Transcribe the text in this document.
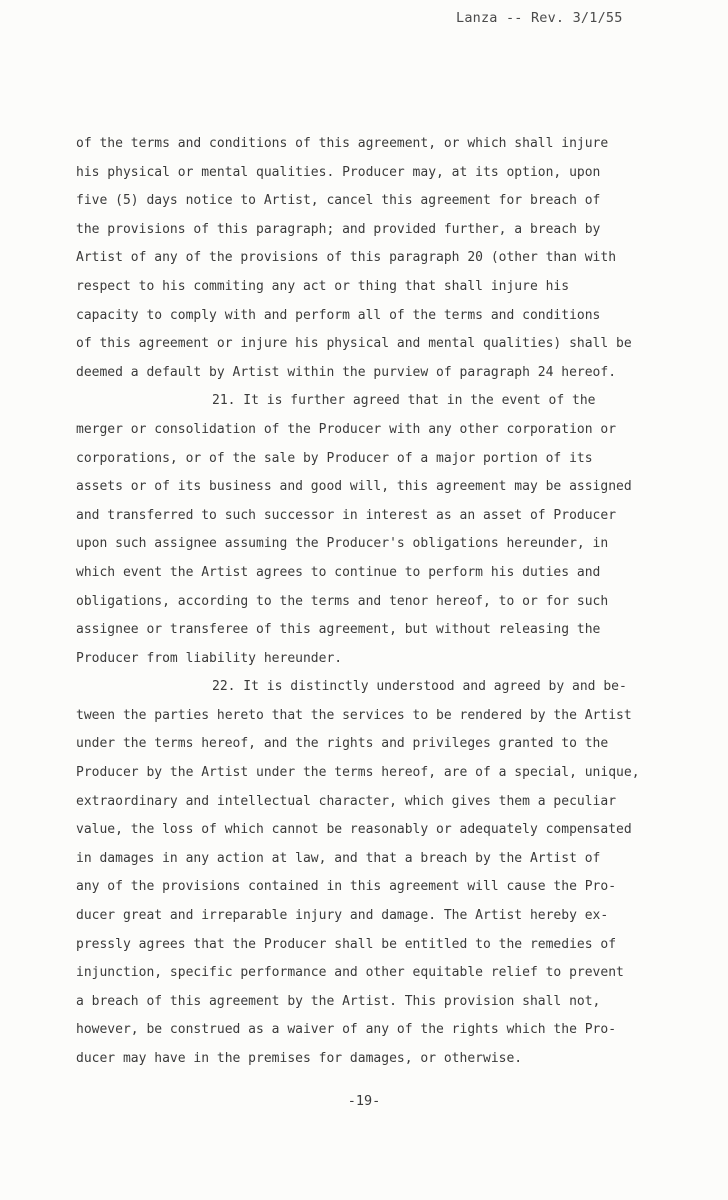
Lanza -- Rev. 3/1/55
of the terms and conditions of this agreement, or which shall injure
his physical or mental qualities. Producer may, at its option, upon
five (5) days notice to Artist, cancel this agreement for breach of
the provisions of this paragraph; and provided further, a breach by
Artist of any of the provisions of this paragraph 20 (other than with
respect to his commiting any act or thing that shall injure his
capacity to comply with and perform all of the terms and conditions
of this agreement or injure his physical and mental qualities) shall be
deemed a default by Artist within the purview of paragraph 24 hereof.
21. It is further agreed that in the event of the
merger or consolidation of the Producer with any other corporation or
corporations, or of the sale by Producer of a major portion of its
assets or of its business and good will, this agreement may be assigned
and transferred to such successor in interest as an asset of Producer
upon such assignee assuming the Producer's obligations hereunder, in
which event the Artist agrees to continue to perform his duties and
obligations, according to the terms and tenor hereof, to or for such
assignee or transferee of this agreement, but without releasing the
Producer from liability hereunder.
22. It is distinctly understood and agreed by and be-
tween the parties hereto that the services to be rendered by the Artist
under the terms hereof, and the rights and privileges granted to the
Producer by the Artist under the terms hereof, are of a special, unique,
extraordinary and intellectual character, which gives them a peculiar
value, the loss of which cannot be reasonably or adequately compensated
in damages in any action at law, and that a breach by the Artist of
any of the provisions contained in this agreement will cause the Pro-
ducer great and irreparable injury and damage. The Artist hereby ex-
pressly agrees that the Producer shall be entitled to the remedies of
injunction, specific performance and other equitable relief to prevent
a breach of this agreement by the Artist. This provision shall not,
however, be construed as a waiver of any of the rights which the Pro-
ducer may have in the premises for damages, or otherwise.
-19-
